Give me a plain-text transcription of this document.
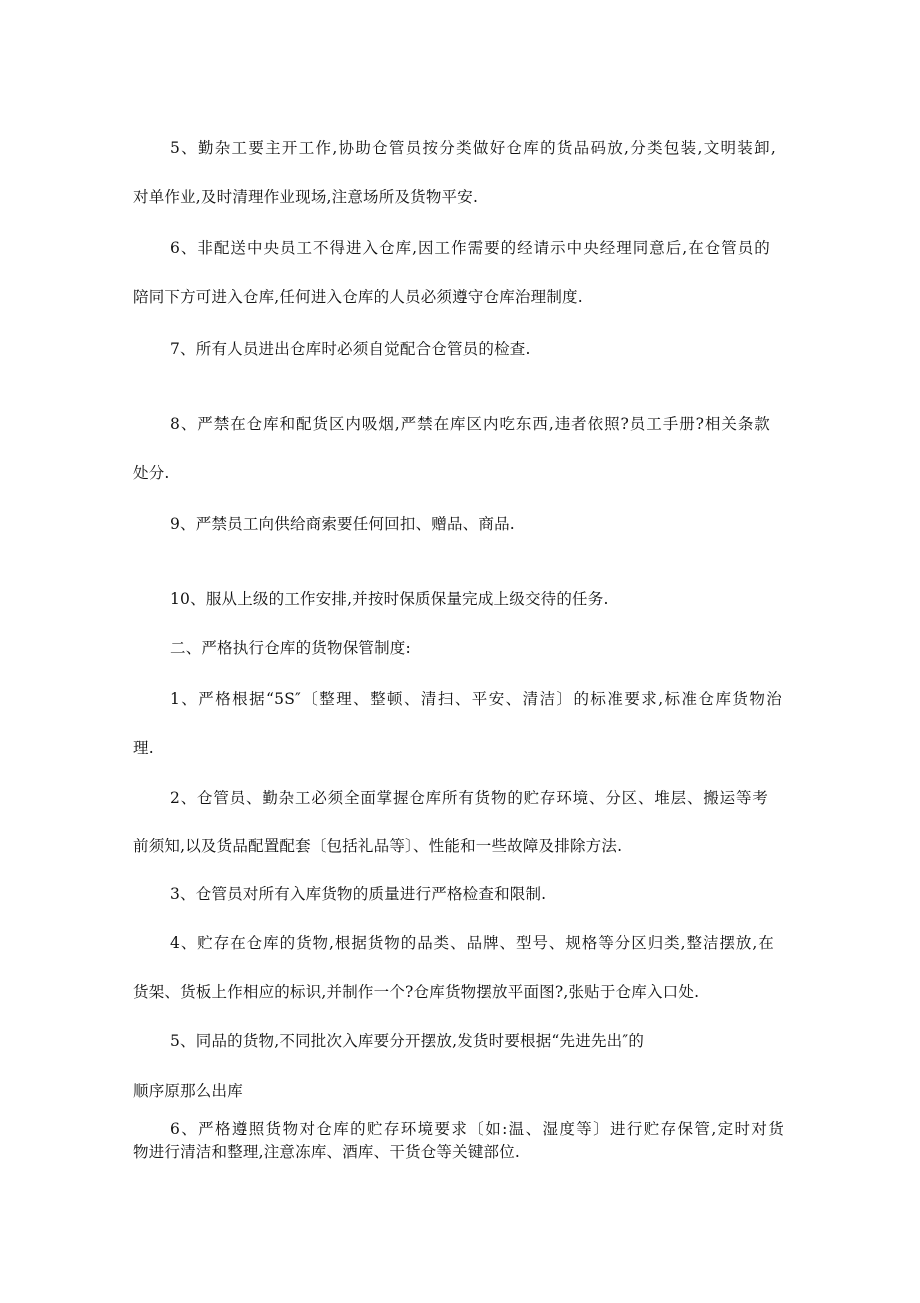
5、勤杂工要主开工作,协助仓管员按分类做好仓库的货品码放,分类包装,文明装卸,

对单作业,及时清理作业现场,注意场所及货物平安.

6、非配送中央员工不得进入仓库,因工作需要的经请示中央经理同意后,在仓管员的

陪同下方可进入仓库,任何进入仓库的人员必须遵守仓库治理制度.

7、所有人员进出仓库时必须自觉配合仓管员的检查.

8、严禁在仓库和配货区内吸烟,严禁在库区内吃东西,违者依照?员工手册?相关条款

处分.

9、严禁员工向供给商索要任何回扣、赠品、商品.

10、服从上级的工作安排,并按时保质保量完成上级交待的任务.

二、严格执行仓库的货物保管制度:

1、严格根据“5S″〔整理、整顿、清扫、平安、清洁〕的标准要求,标准仓库货物治

理.

2、仓管员、勤杂工必须全面掌握仓库所有货物的贮存环境、分区、堆层、搬运等考

前须知,以及货品配置配套〔包括礼品等〕、性能和一些故障及排除方法.

3、仓管员对所有入库货物的质量进行严格检查和限制.

4、贮存在仓库的货物,根据货物的品类、品牌、型号、规格等分区归类,整洁摆放,在

货架、货板上作相应的标识,并制作一个?仓库货物摆放平面图?,张贴于仓库入口处.

5、同品的货物,不同批次入库要分开摆放,发货时要根据“先进先出″的

顺序原那么出库

6、严格遵照货物对仓库的贮存环境要求〔如:温、湿度等〕进行贮存保管,定时对货

物进行清洁和整理,注意冻库、酒库、干货仓等关键部位.
